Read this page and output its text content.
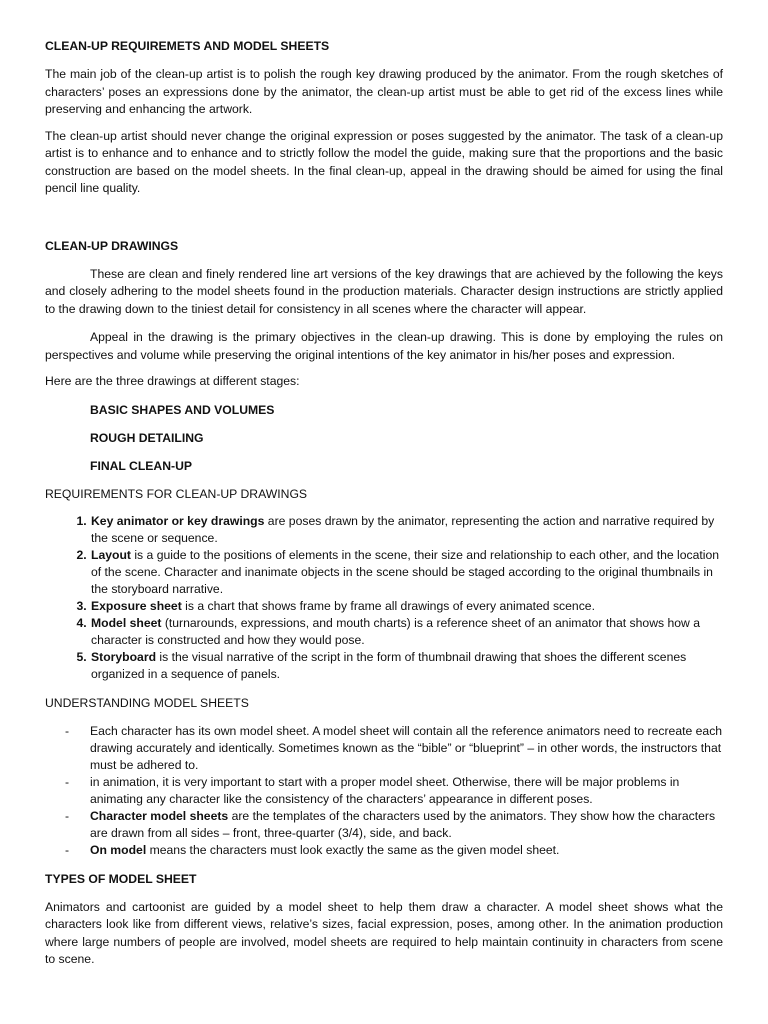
CLEAN-UP REQUIREMETS AND MODEL SHEETS

The main job of the clean-up artist is to polish the rough key drawing produced by the animator. From the rough sketches of characters’ poses an expressions done by the animator, the clean-up artist must be able to get rid of the excess lines while preserving and enhancing the artwork.

The clean-up artist should never change the original expression or poses suggested by the animator. The task of a clean-up artist is to enhance and to enhance and to strictly follow the model the guide, making sure that the proportions and the basic construction are based on the model sheets. In the final clean-up, appeal in the drawing should be aimed for using the final pencil line quality.

CLEAN-UP DRAWINGS

These are clean and finely rendered line art versions of the key drawings that are achieved by the following the keys and closely adhering to the model sheets found in the production materials. Character design instructions are strictly applied to the drawing down to the tiniest detail for consistency in all scenes where the character will appear.

Appeal in the drawing is the primary objectives in the clean-up drawing. This is done by employing the rules on perspectives and volume while preserving the original intentions of the key animator in his/her poses and expression.

Here are the three drawings at different stages:

BASIC SHAPES AND VOLUMES
ROUGH DETAILING
FINAL CLEAN-UP
REQUIREMENTS FOR CLEAN-UP DRAWINGS
1. Key animator or key drawings are poses drawn by the animator, representing the action and narrative required by the scene or sequence.
2. Layout is a guide to the positions of elements in the scene, their size and relationship to each other, and the location of the scene. Character and inanimate objects in the scene should be staged according to the original thumbnails in the storyboard narrative.
3. Exposure sheet is a chart that shows frame by frame all drawings of every animated scence.
4. Model sheet (turnarounds, expressions, and mouth charts) is a reference sheet of an animator that shows how a character is constructed and how they would pose.
5. Storyboard is the visual narrative of the script in the form of thumbnail drawing that shoes the different scenes organized in a sequence of panels.
UNDERSTANDING MODEL SHEETS
- Each character has its own model sheet. A model sheet will contain all the reference animators need to recreate each drawing accurately and identically. Sometimes known as the “bible” or “blueprint” – in other words, the instructors that must be adhered to.
- in animation, it is very important to start with a proper model sheet. Otherwise, there will be major problems in animating any character like the consistency of the characters’ appearance in different poses.
- Character model sheets are the templates of the characters used by the animators. They show how the characters are drawn from all sides – front, three-quarter (3/4), side, and back.
- On model means the characters must look exactly the same as the given model sheet.
TYPES OF MODEL SHEET

Animators and cartoonist are guided by a model sheet to help them draw a character. A model sheet shows what the characters look like from different views, relative’s sizes, facial expression, poses, among other. In the animation production where large numbers of people are involved, model sheets are required to help maintain continuity in characters from scene to scene.
